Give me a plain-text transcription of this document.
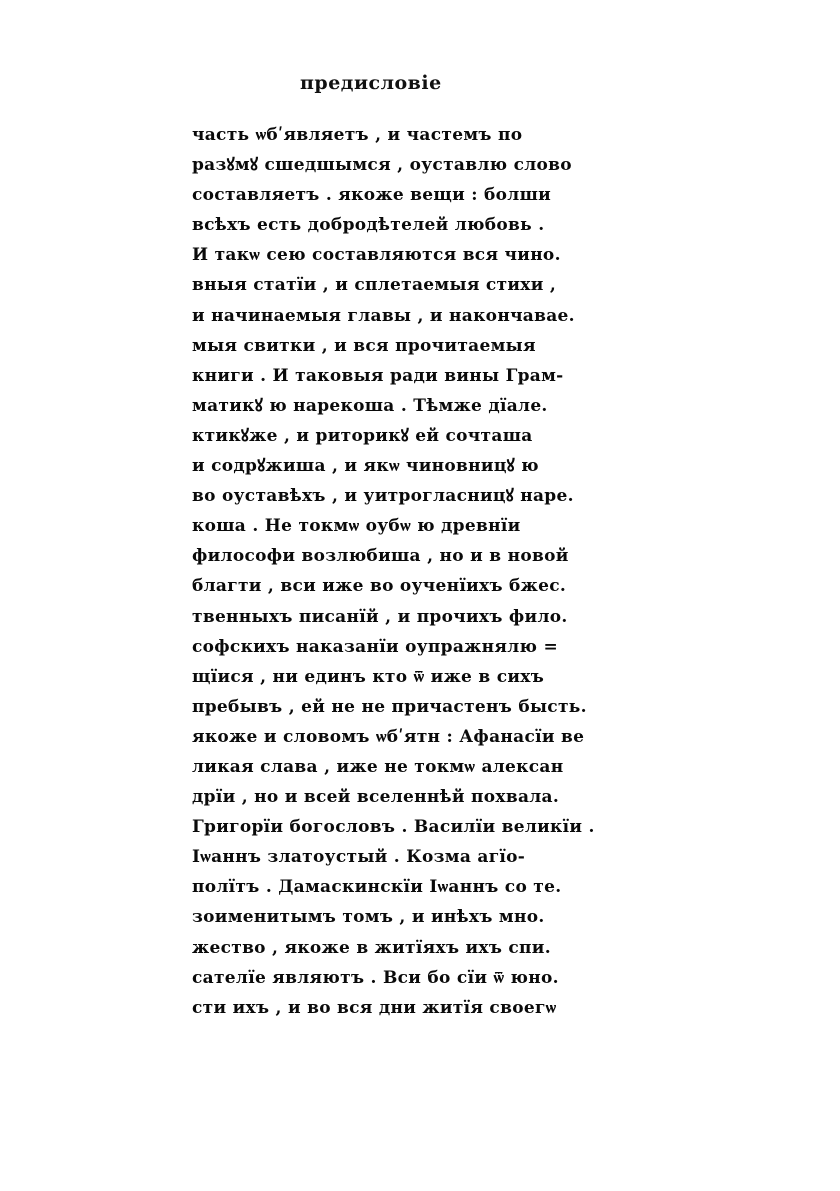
предисловіе
часть ѡбʹявляетъ , и частемъ по
разꙋмꙋ сшедшымся , оуставлю слово
составляетъ . якоже вещи : болши
всѣхъ есть добродѣтелей любовь .
И такѡ сею составляются вся чино.
вныя статїи , и сплетаемыя стихи ,
и начинаемыя главы , и накончавае.
мыя свитки , и вся прочитаемыя
книги . И таковыя ради вины Грам-
матикꙋ ю нарекоша . Тѣмже дїале.
ктикꙋже , и риторикꙋ ей сочташа
и содрꙋжиша , и якѡ чиновницꙋ ю
во оуставѣхъ , и уитрогласницꙋ наре.
коша . Не токмѡ оубѡ ю древнїи
философи возлюбиша , но и в новой
благти , вси иже во оученїихъ бжес.
твенныхъ писанїй , и прочихъ фило.
софскихъ наказанїи оупражнялю =
щїися , ни единъ кто ѿ иже в сихъ
пребывъ , ей не не причастенъ бысть.
якоже и словомъ ѡбʹятн : Афанасїи ве
ликая слава , иже не токмѡ алексан
дрїи , но и всей вселеннѣй похвала.
Григорїи богословъ . Василїи великїи .
Іѡаннъ златоустый . Козма агїо-
полїтъ . Дамаскинскїи Іѡаннъ со те.
зоименитымъ томъ , и инѣхъ мно.
жество , якоже в житїяхъ ихъ спи.
сателїе являютъ . Вси бо сїи ѿ юно.
сти ихъ , и во вся дни житїя своегѡ
